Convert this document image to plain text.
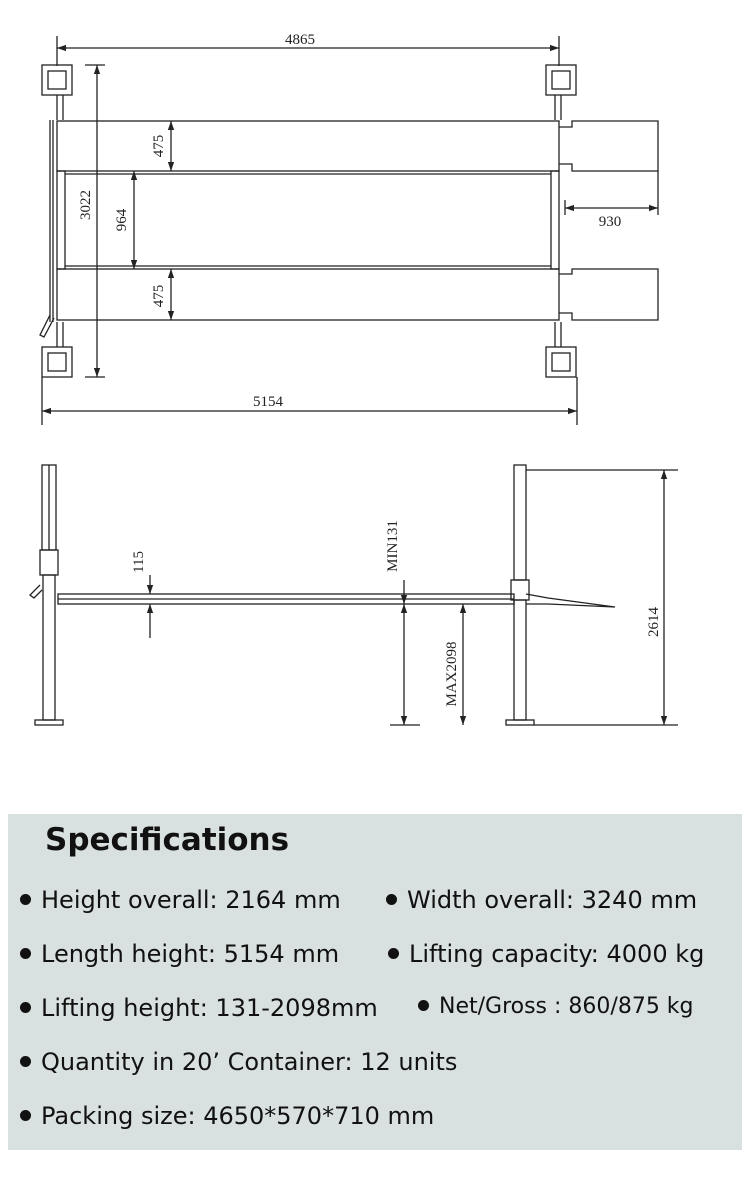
4865
475
964
475
3022
930
5154
115	MIN131
MAX2098
2614
Specifications
Height overall: 2164 mm	Width overall: 3240 mm
Length height: 5154 mm	Lifting capacity: 4000 kg
Lifting height: 131-2098mm	Net/Gross : 860/875 kg
Quantity in 20’ Container: 12 units
Packing size: 4650*570*710 mm
